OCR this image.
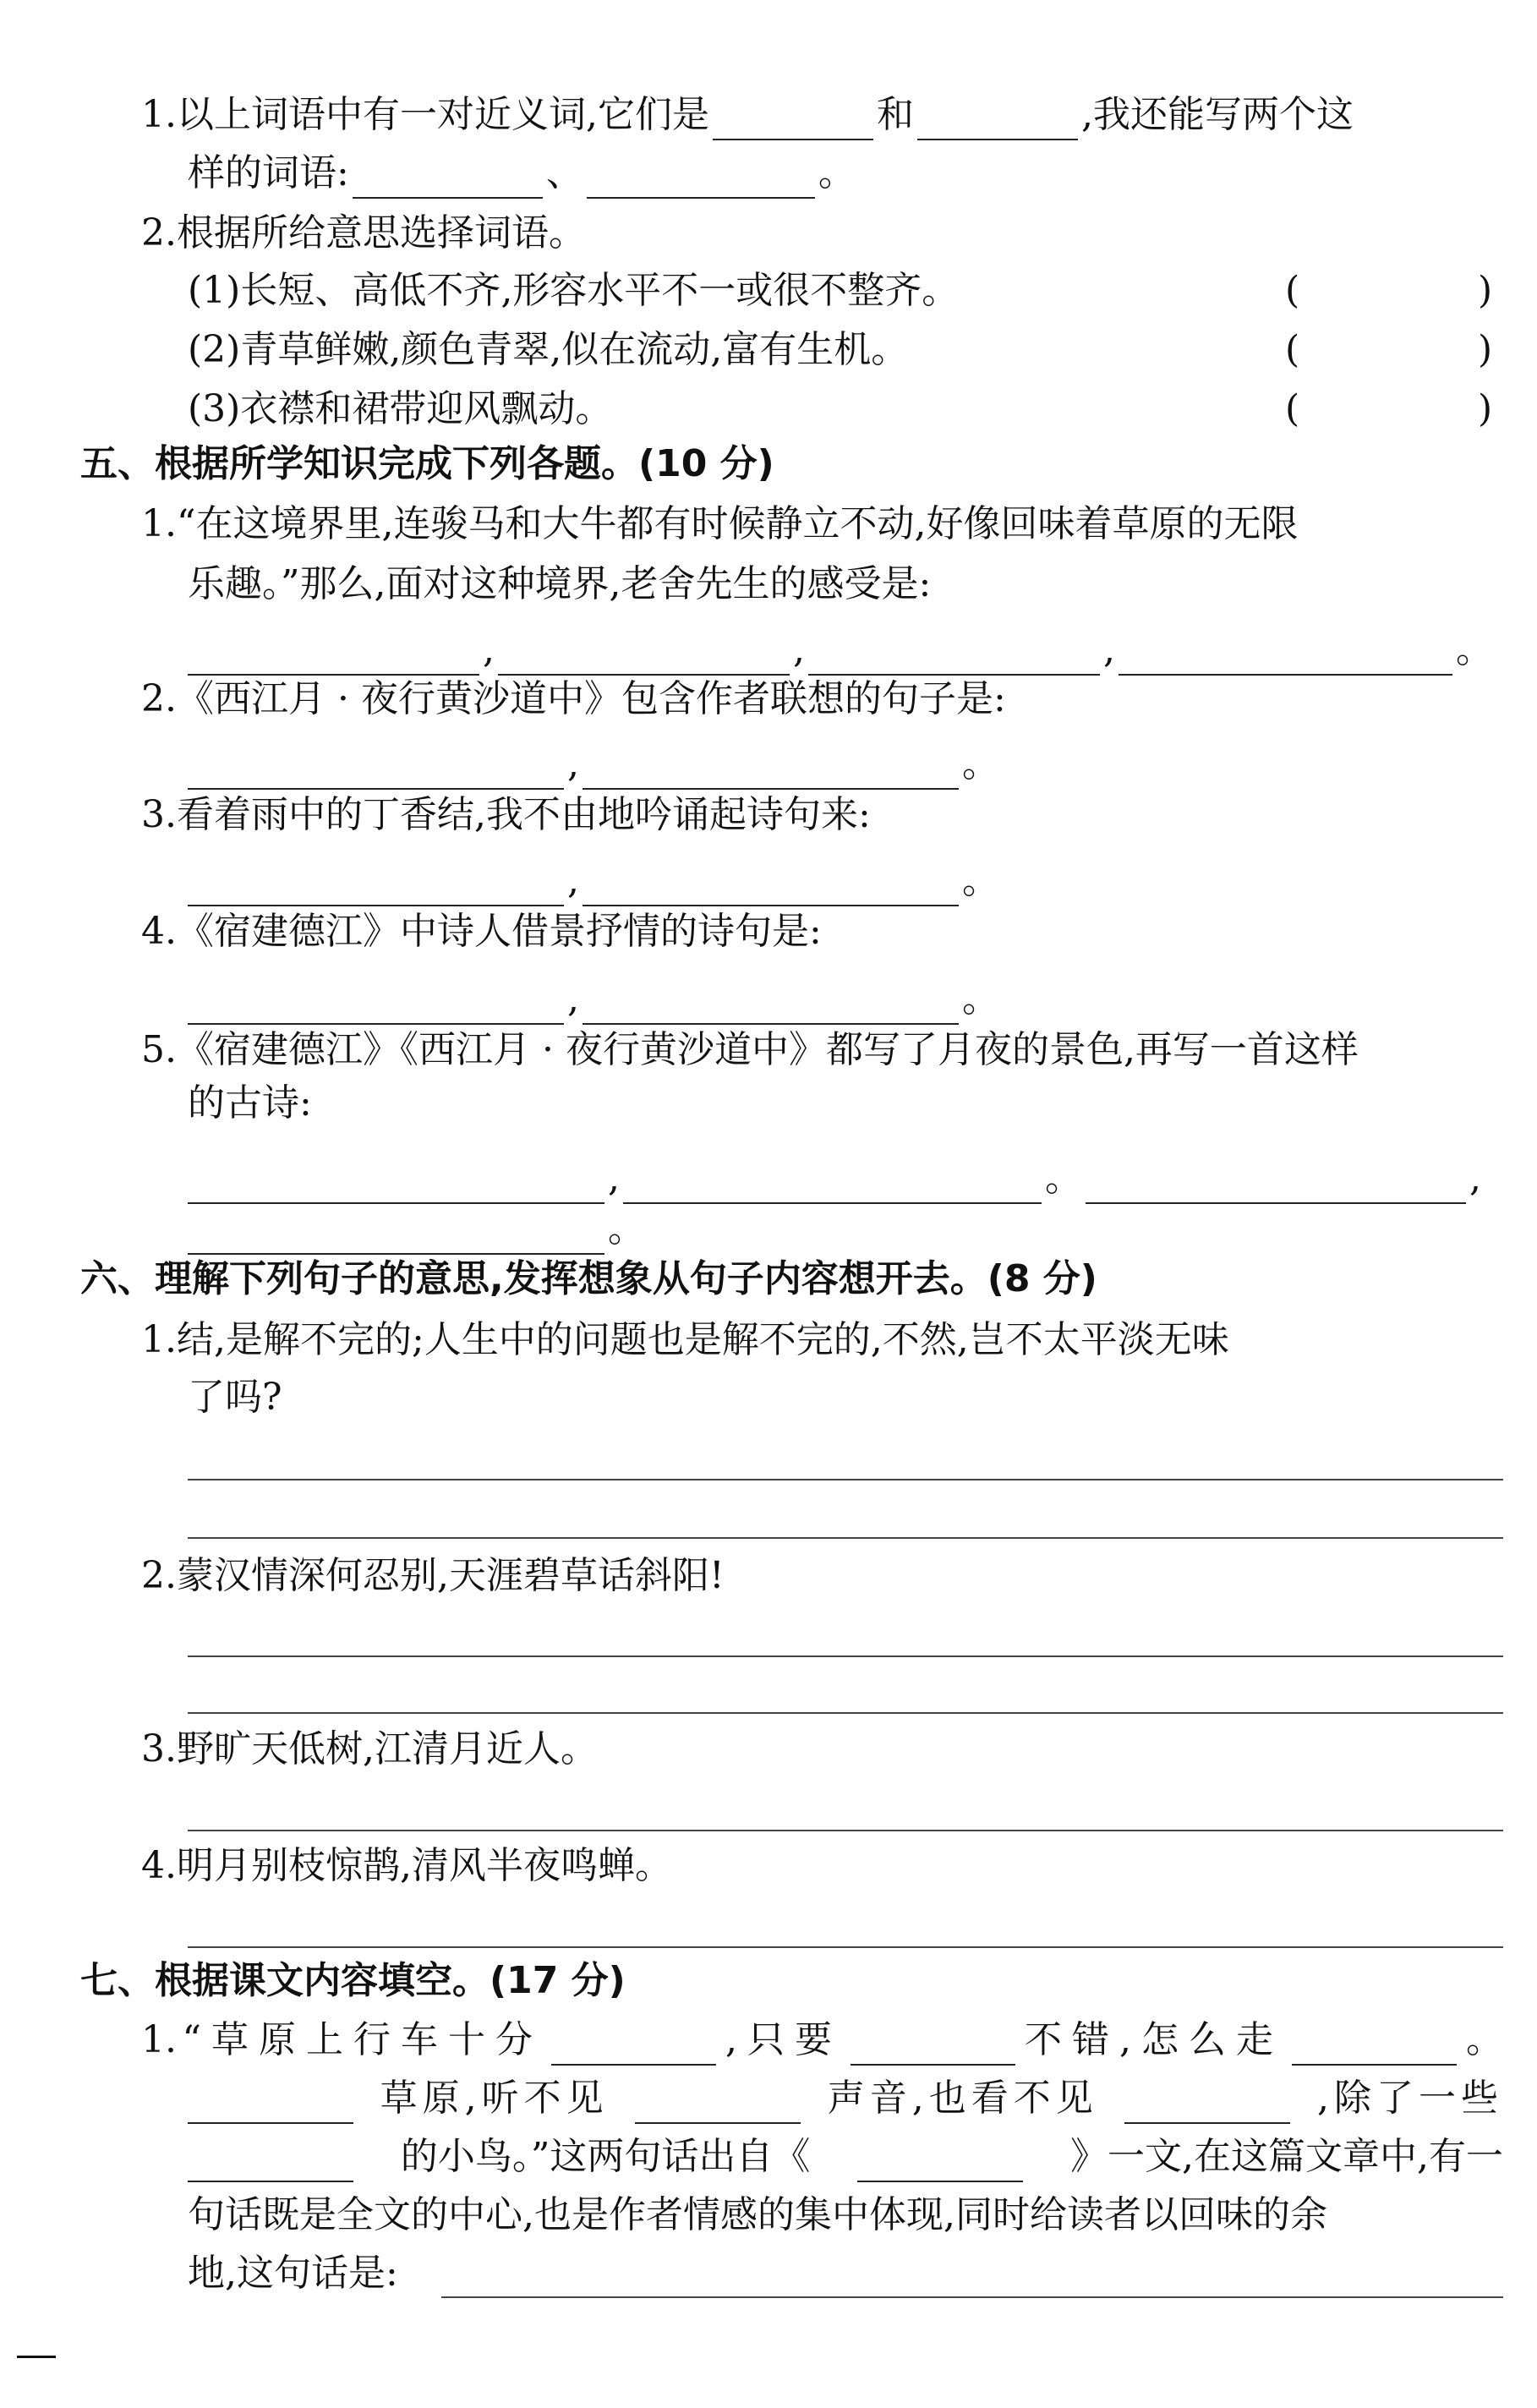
1. 以上词语中有一对近义词,它们是	和	,我还能写两个这
样的词语:	、	。
2. 根据所给意思选择词语。
(1)长短、高低不齐,形容水平不一或很不整齐。	(	)
(2)青草鲜嫩,颜色青翠,似在流动,富有生机。	(	)
(3)衣襟和裙带迎风飘动。	(	)
五、根据所学知识完成下列各题。(10 分)
1. “在这境界里,连骏马和大牛都有时候静立不动,好像回味着草原的无限
乐趣。”那么,面对这种境界,老舍先生的感受是:
,	,	,	。
2. 《西江月 · 夜行黄沙道中》包含作者联想的句子是:
,	。
3. 看着雨中的丁香结,我不由地吟诵起诗句来:
,	。
4. 《宿建德江》中诗人借景抒情的诗句是:
,	。
5. 《宿建德江》《西江月 · 夜行黄沙道中》都写了月夜的景色,再写一首这样
的古诗:
,	。	,
。
六、理解下列句子的意思,发挥想象从句子内容想开去。(8 分)
1. 结,是解不完的;人生中的问题也是解不完的,不然,岂不太平淡无味
了吗?
2. 蒙汉情深何忍别,天涯碧草话斜阳!
3. 野旷天低树,江清月近人。
4. 明月别枝惊鹊,清风半夜鸣蝉。
七、根据课文内容填空。(17 分)
1. “草原上行车十分	,只要	不错,怎么走	。
草原,听不见	声音,也看不见	,除了一些
的小鸟。”这两句话出自《	》一文,在这篇文章中,有一
句话既是全文的中心,也是作者情感的集中体现,同时给读者以回味的余
地,这句话是:
